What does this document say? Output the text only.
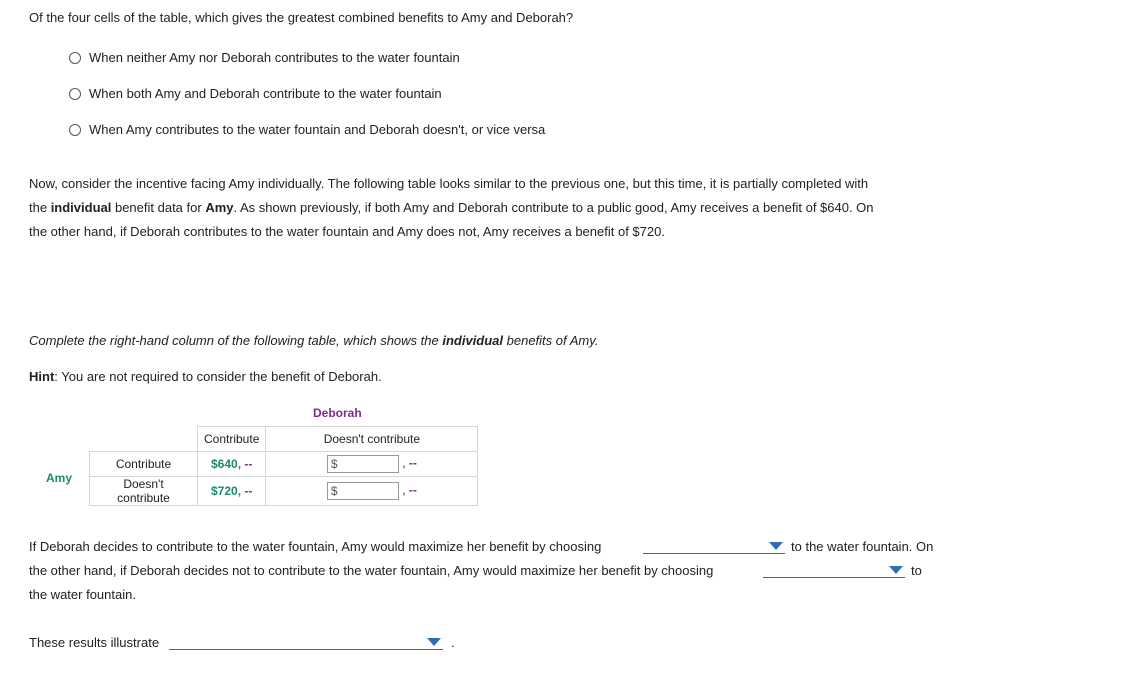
Of the four cells of the table, which gives the greatest combined benefits to Amy and Deborah?
When neither Amy nor Deborah contributes to the water fountain
When both Amy and Deborah contribute to the water fountain
When Amy contributes to the water fountain and Deborah doesn't, or vice versa
Now, consider the incentive facing Amy individually. The following table looks similar to the previous one, but this time, it is partially completed with
the individual benefit data for Amy. As shown previously, if both Amy and Deborah contribute to a public good, Amy receives a benefit of $640. On
the other hand, if Deborah contributes to the water fountain and Amy does not, Amy receives a benefit of $720.
Complete the right-hand column of the following table, which shows the individual benefits of Amy.
Hint: You are not required to consider the benefit of Deborah.
Deborah
Amy
	Contribute	Doesn't contribute
Contribute	$640, --	$ , --
Doesn't contribute	$720, --	$ , --
If Deborah decides to contribute to the water fountain, Amy would maximize her benefit by choosing	to the water fountain. On
the other hand, if Deborah decides not to contribute to the water fountain, Amy would maximize her benefit by choosing	to
the water fountain.
These results illustrate	.
